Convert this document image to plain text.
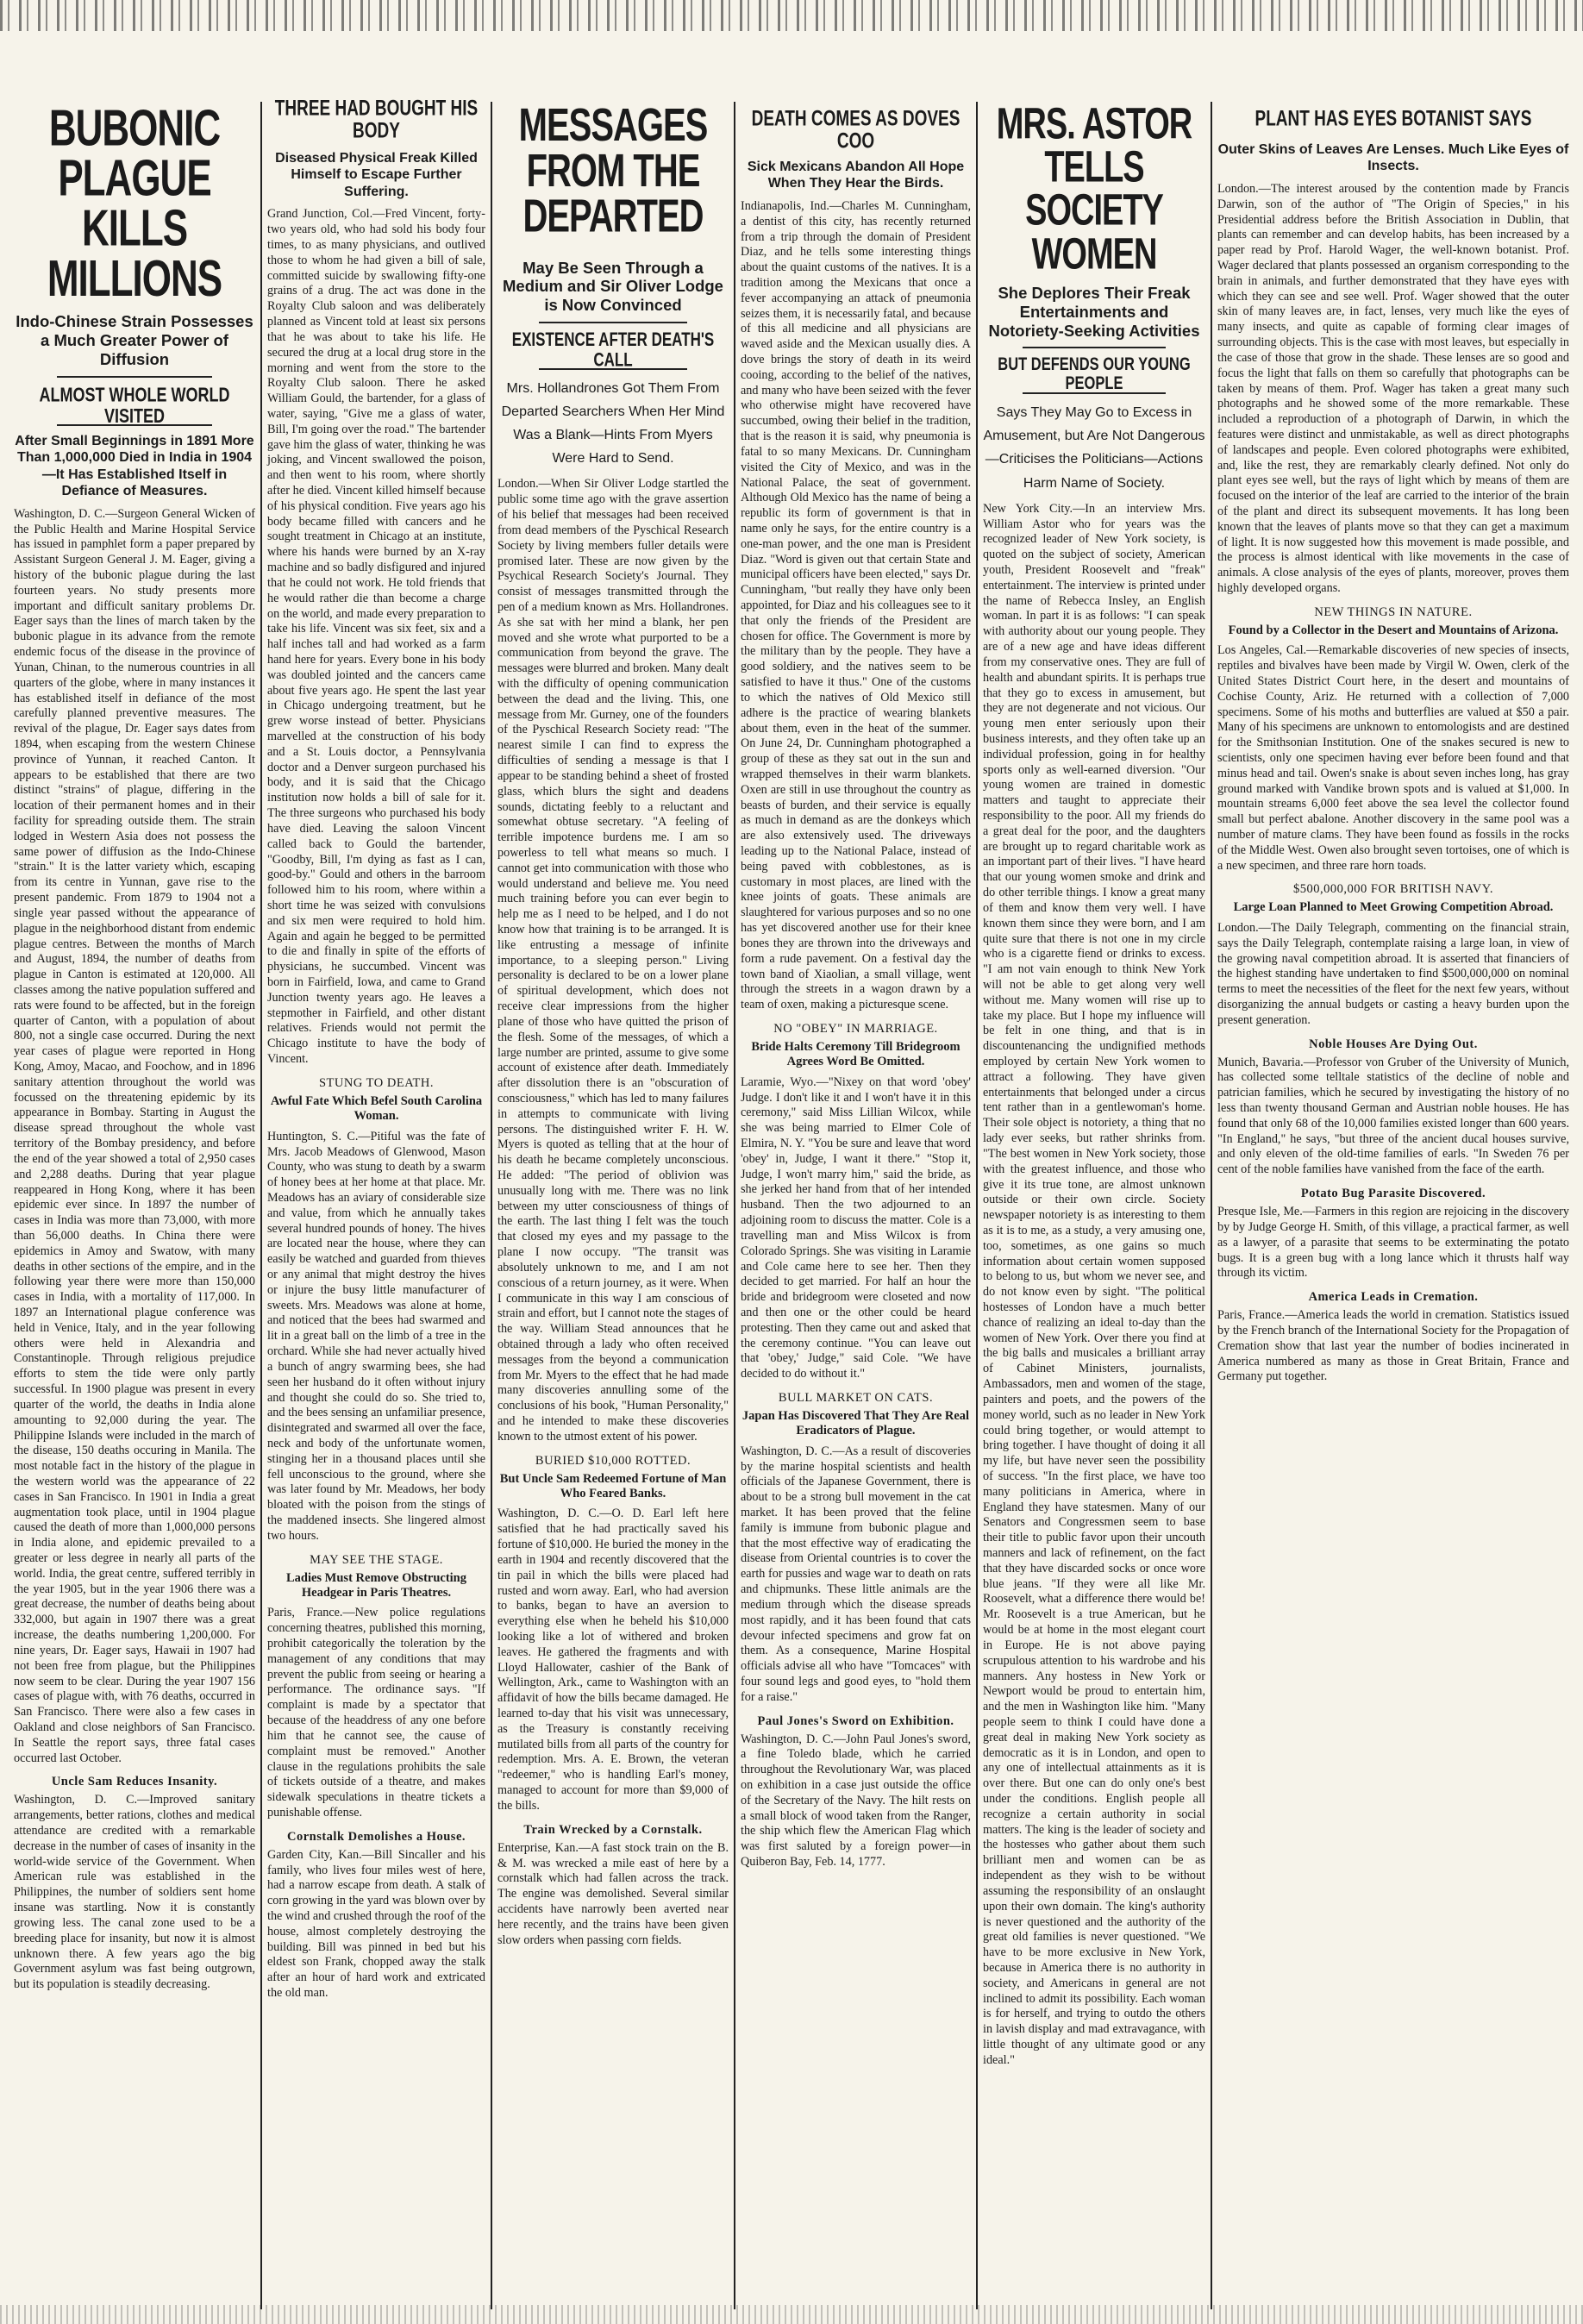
BUBONIC PLAGUE KILLS MILLIONS
Indo-Chinese Strain Possesses a Much Greater Power of Diffusion
ALMOST WHOLE WORLD VISITED
After Small Beginnings in 1891 More Than 1,000,000 Died in India in 1904—It Has Established Itself in Defiance of Measures.
Washington, D. C.—Surgeon General Wicken of the Public Health and Marine Hospital Service has issued in pamphlet form a paper prepared by Assistant Surgeon General J. M. Eager, giving a history of the bubonic plague during the last fourteen years. No study presents more important and difficult sanitary problems Dr. Eager says than the lines of march taken by the bubonic plague in its advance from the remote endemic focus of the disease in the province of Yunan, Chinan, to the numerous countries in all quarters of the globe, where in many instances it has established itself in defiance of the most carefully planned preventive measures. The revival of the plague, Dr. Eager says dates from 1894, when escaping from the western Chinese province of Yunnan, it reached Canton. It appears to be established that there are two distinct "strains" of plague, differing in the location of their permanent homes and in their facility for spreading outside them. The strain lodged in Western Asia does not possess the same power of diffusion as the Indo-Chinese "strain." It is the latter variety which, escaping from its centre in Yunnan, gave rise to the present pandemic. From 1879 to 1904 not a single year passed without the appearance of plague in the neighborhood distant from endemic plague centres. Between the months of March and August, 1894, the number of deaths from plague in Canton is estimated at 120,000. All classes among the native population suffered and rats were found to be affected, but in the foreign quarter of Canton, with a population of about 800, not a single case occurred. During the next year cases of plague were reported in Hong Kong, Amoy, Macao, and Foochow, and in 1896 sanitary attention throughout the world was focussed on the threatening epidemic by its appearance in Bombay. Starting in August the disease spread throughout the whole vast territory of the Bombay presidency, and before the end of the year showed a total of 2,950 cases and 2,288 deaths. During that year plague reappeared in Hong Kong, where it has been epidemic ever since. In 1897 the number of cases in India was more than 73,000, with more than 56,000 deaths. In China there were epidemics in Amoy and Swatow, with many deaths in other sections of the empire, and in the following year there were more than 150,000 cases in India, with a mortality of 117,000. In 1897 an International plague conference was held in Venice, Italy, and in the year following others were held in Alexandria and Constantinople. Through religious prejudice efforts to stem the tide were only partly successful. In 1900 plague was present in every quarter of the world, the deaths in India alone amounting to 92,000 during the year. The Philippine Islands were included in the march of the disease, 150 deaths occuring in Manila. The most notable fact in the history of the plague in the western world was the appearance of 22 cases in San Francisco. In 1901 in India a great augmentation took place, until in 1904 plague caused the death of more than 1,000,000 persons in India alone, and epidemic prevailed to a greater or less degree in nearly all parts of the world. India, the great centre, suffered terribly in the year 1905, but in the year 1906 there was a great decrease, the number of deaths being about 332,000, but again in 1907 there was a great increase, the deaths numbering 1,200,000. For nine years, Dr. Eager says, Hawaii in 1907 had not been free from plague, but the Philippines now seem to be clear. During the year 1907 156 cases of plague with, with 76 deaths, occurred in San Francisco. There were also a few cases in Oakland and close neighbors of San Francisco. In Seattle the report says, three fatal cases occurred last October.
Uncle Sam Reduces Insanity.
Washington, D. C.—Improved sanitary arrangements, better rations, clothes and medical attendance are credited with a remarkable decrease in the number of cases of insanity in the world-wide service of the Government. When American rule was established in the Philippines, the number of soldiers sent home insane was startling. Now it is constantly growing less. The canal zone used to be a breeding place for insanity, but now it is almost unknown there. A few years ago the big Government asylum was fast being outgrown, but its population is steadily decreasing.
THREE HAD BOUGHT HIS BODY
Diseased Physical Freak Killed Himself to Escape Further Suffering.
Grand Junction, Col.—Fred Vincent, forty-two years old, who had sold his body four times, to as many physicians, and outlived those to whom he had given a bill of sale, committed suicide by swallowing fifty-one grains of a drug. The act was done in the Royalty Club saloon and was deliberately planned as Vincent told at least six persons that he was about to take his life. He secured the drug at a local drug store in the morning and went from the store to the Royalty Club saloon. There he asked William Gould, the bartender, for a glass of water, saying, "Give me a glass of water, Bill, I'm going over the road." The bartender gave him the glass of water, thinking he was joking, and Vincent swallowed the poison, and then went to his room, where shortly after he died. Vincent killed himself because of his physical condition. Five years ago his body became filled with cancers and he sought treatment in Chicago at an institute, where his hands were burned by an X-ray machine and so badly disfigured and injured that he could not work. He told friends that he would rather die than become a charge on the world, and made every preparation to take his life. Vincent was six feet, six and a half inches tall and had worked as a farm hand here for years. Every bone in his body was doubled jointed and the cancers came about five years ago. He spent the last year in Chicago undergoing treatment, but he grew worse instead of better. Physicians marvelled at the construction of his body and a St. Louis doctor, a Pennsylvania doctor and a Denver surgeon purchased his body, and it is said that the Chicago institution now holds a bill of sale for it. The three surgeons who purchased his body have died. Leaving the saloon Vincent called back to Gould the bartender, "Goodby, Bill, I'm dying as fast as I can, good-by." Gould and others in the barroom followed him to his room, where within a short time he was seized with convulsions and six men were required to hold him. Again and again he begged to be permitted to die and finally in spite of the efforts of physicians, he succumbed. Vincent was born in Fairfield, Iowa, and came to Grand Junction twenty years ago. He leaves a stepmother in Fairfield, and other distant relatives. Friends would not permit the Chicago institute to have the body of Vincent.
STUNG TO DEATH.
Awful Fate Which Befel South Carolina Woman.
Huntington, S. C.—Pitiful was the fate of Mrs. Jacob Meadows of Glenwood, Mason County, who was stung to death by a swarm of honey bees at her home at that place. Mr. Meadows has an aviary of considerable size and value, from which he annually takes several hundred pounds of honey. The hives are located near the house, where they can easily be watched and guarded from thieves or any animal that might destroy the hives or injure the busy little manufacturer of sweets. Mrs. Meadows was alone at home, and noticed that the bees had swarmed and lit in a great ball on the limb of a tree in the orchard. While she had never actually hived a bunch of angry swarming bees, she had seen her husband do it often without injury and thought she could do so. She tried to, and the bees sensing an unfamiliar presence, disintegrated and swarmed all over the face, neck and body of the unfortunate women, stinging her in a thousand places until she fell unconscious to the ground, where she was later found by Mr. Meadows, her body bloated with the poison from the stings of the maddened insects. She lingered almost two hours.
MAY SEE THE STAGE.
Ladies Must Remove Obstructing Headgear in Paris Theatres.
Paris, France.—New police regulations concerning theatres, published this morning, prohibit categorically the toleration by the management of any conditions that may prevent the public from seeing or hearing a performance. The ordinance says. "If complaint is made by a spectator that because of the headdress of any one before him that he cannot see, the cause of complaint must be removed." Another clause in the regulations prohibits the sale of tickets outside of a theatre, and makes sidewalk speculations in theatre tickets a punishable offense.
Cornstalk Demolishes a House.
Garden City, Kan.—Bill Sincaller and his family, who lives four miles west of here, had a narrow escape from death. A stalk of corn growing in the yard was blown over by the wind and crushed through the roof of the house, almost completely destroying the building. Bill was pinned in bed but his eldest son Frank, chopped away the stalk after an hour of hard work and extricated the old man.
MESSAGES FROM THE DEPARTED
May Be Seen Through a Medium and Sir Oliver Lodge is Now Convinced
EXISTENCE AFTER DEATH'S CALL
Mrs. Hollandrones Got Them From Departed Searchers When Her Mind Was a Blank—Hints From Myers Were Hard to Send.
London.—When Sir Oliver Lodge startled the public some time ago with the grave assertion of his belief that messages had been received from dead members of the Pyschical Research Society by living members fuller details were promised later. These are now given by the Psychical Research Society's Journal. They consist of messages transmitted through the pen of a medium known as Mrs. Hollandrones. As she sat with her mind a blank, her pen moved and she wrote what purported to be a communication from beyond the grave. The messages were blurred and broken. Many dealt with the difficulty of opening communication between the dead and the living. This, one message from Mr. Gurney, one of the founders of the Pyschical Research Society read: "The nearest simile I can find to express the difficulties of sending a message is that I appear to be standing behind a sheet of frosted glass, which blurs the sight and deadens sounds, dictating feebly to a reluctant and somewhat obtuse secretary. "A feeling of terrible impotence burdens me. I am so powerless to tell what means so much. I cannot get into communication with those who would understand and believe me. You need much training before you can ever begin to help me as I need to be helped, and I do not know how that training is to be arranged. It is like entrusting a message of infinite importance, to a sleeping person." Living personality is declared to be on a lower plane of spiritual development, which does not receive clear impressions from the higher plane of those who have quitted the prison of the flesh. Some of the messages, of which a large number are printed, assume to give some account of existence after death. Immediately after dissolution there is an "obscuration of consciousness," which has led to many failures in attempts to communicate with living persons. The distinguished writer F. H. W. Myers is quoted as telling that at the hour of his death he became completely unconscious. He added: "The period of oblivion was unusually long with me. There was no link between my utter consciousness of things of the earth. The last thing I felt was the touch that closed my eyes and my passage to the plane I now occupy. "The transit was absolutely unknown to me, and I am not conscious of a return journey, as it were. When I communicate in this way I am conscious of strain and effort, but I cannot note the stages of the way. William Stead announces that he obtained through a lady who often received messages from the beyond a communication from Mr. Myers to the effect that he had made many discoveries annulling some of the conclusions of his book, "Human Personality," and he intended to make these discoveries known to the utmost extent of his power.
BURIED $10,000 ROTTED.
But Uncle Sam Redeemed Fortune of Man Who Feared Banks.
Washington, D. C.—O. D. Earl left here satisfied that he had practically saved his fortune of $10,000. He buried the money in the earth in 1904 and recently discovered that the tin pail in which the bills were placed had rusted and worn away. Earl, who had aversion to banks, began to have an aversion to everything else when he beheld his $10,000 looking like a lot of withered and broken leaves. He gathered the fragments and with Lloyd Hallowater, cashier of the Bank of Wellington, Ark., came to Washington with an affidavit of how the bills became damaged. He learned to-day that his visit was unnecessary, as the Treasury is constantly receiving mutilated bills from all parts of the country for redemption. Mrs. A. E. Brown, the veteran "redeemer," who is handling Earl's money, managed to account for more than $9,000 of the bills.
Train Wrecked by a Cornstalk.
Enterprise, Kan.—A fast stock train on the B. & M. was wrecked a mile east of here by a cornstalk which had fallen across the track. The engine was demolished. Several similar accidents have narrowly been averted near here recently, and the trains have been given slow orders when passing corn fields.
DEATH COMES AS DOVES COO
Sick Mexicans Abandon All Hope When They Hear the Birds.
Indianapolis, Ind.—Charles M. Cunningham, a dentist of this city, has recently returned from a trip through the domain of President Diaz, and he tells some interesting things about the quaint customs of the natives. It is a tradition among the Mexicans that once a fever accompanying an attack of pneumonia seizes them, it is necessarily fatal, and because of this all medicine and all physicians are waved aside and the Mexican usually dies. A dove brings the story of death in its weird cooing, according to the belief of the natives, and many who have been seized with the fever who otherwise might have recovered have succumbed, owing their belief in the tradition, that is the reason it is said, why pneumonia is fatal to so many Mexicans. Dr. Cunningham visited the City of Mexico, and was in the National Palace, the seat of government. Although Old Mexico has the name of being a republic its form of government is that in name only he says, for the entire country is a one-man power, and the one man is President Diaz. "Word is given out that certain State and municipal officers have been elected," says Dr. Cunningham, "but really they have only been appointed, for Diaz and his colleagues see to it that only the friends of the President are chosen for office. The Government is more by the military than by the people. They have a good soldiery, and the natives seem to be satisfied to have it thus." One of the customs to which the natives of Old Mexico still adhere is the practice of wearing blankets about them, even in the heat of the summer. On June 24, Dr. Cunningham photographed a group of these as they sat out in the sun and wrapped themselves in their warm blankets. Oxen are still in use throughout the country as beasts of burden, and their service is equally as much in demand as are the donkeys which are also extensively used. The driveways leading up to the National Palace, instead of being paved with cobblestones, as is customary in most places, are lined with the knee joints of goats. These animals are slaughtered for various purposes and so no one has yet discovered another use for their knee bones they are thrown into the driveways and form a rude pavement. On a festival day the town band of Xiaolian, a small village, went through the streets in a wagon drawn by a team of oxen, making a picturesque scene.
NO "OBEY" IN MARRIAGE.
Bride Halts Ceremony Till Bridegroom Agrees Word Be Omitted.
Laramie, Wyo.—"Nixey on that word 'obey' Judge. I don't like it and I won't have it in this ceremony," said Miss Lillian Wilcox, while she was being married to Elmer Cole of Elmira, N. Y. "You be sure and leave that word 'obey' in, Judge, I want it there." "Stop it, Judge, I won't marry him," said the bride, as she jerked her hand from that of her intended husband. Then the two adjourned to an adjoining room to discuss the matter. Cole is a travelling man and Miss Wilcox is from Colorado Springs. She was visiting in Laramie and Cole came here to see her. Then they decided to get married. For half an hour the bride and bridegroom were closeted and now and then one or the other could be heard protesting. Then they came out and asked that the ceremony continue. "You can leave out that 'obey,' Judge," said Cole. "We have decided to do without it."
BULL MARKET ON CATS.
Japan Has Discovered That They Are Real Eradicators of Plague.
Washington, D. C.—As a result of discoveries by the marine hospital scientists and health officials of the Japanese Government, there is about to be a strong bull movement in the cat market. It has been proved that the feline family is immune from bubonic plague and that the most effective way of eradicating the disease from Oriental countries is to cover the earth for pussies and wage war to death on rats and chipmunks. These little animals are the medium through which the disease spreads most rapidly, and it has been found that cats devour infected specimens and grow fat on them. As a consequence, Marine Hospital officials advise all who have "Tomcaces" with four sound legs and good eyes, to "hold them for a raise."
Paul Jones's Sword on Exhibition.
Washington, D. C.—John Paul Jones's sword, a fine Toledo blade, which he carried throughout the Revolutionary War, was placed on exhibition in a case just outside the office of the Secretary of the Navy. The hilt rests on a small block of wood taken from the Ranger, the ship which flew the American Flag which was first saluted by a foreign power—in Quiberon Bay, Feb. 14, 1777.
MRS. ASTOR TELLS SOCIETY WOMEN
She Deplores Their Freak Entertainments and Notoriety-Seeking Activities
BUT DEFENDS OUR YOUNG PEOPLE
Says They May Go to Excess in Amusement, but Are Not Dangerous—Criticises the Politicians—Actions Harm Name of Society.
New York City.—In an interview Mrs. William Astor who for years was the recognized leader of New York society, is quoted on the subject of society, American youth, President Roosevelt and "freak" entertainment. The interview is printed under the name of Rebecca Insley, an English woman. In part it is as follows: "I can speak with authority about our young people. They are of a new age and have ideas different from my conservative ones. They are full of health and abundant spirits. It is perhaps true that they go to excess in amusement, but they are not degenerate and not vicious. Our young men enter seriously upon their business interests, and they often take up an individual profession, going in for healthy sports only as well-earned diversion. "Our young women are trained in domestic matters and taught to appreciate their responsibility to the poor. All my friends do a great deal for the poor, and the daughters are brought up to regard charitable work as an important part of their lives. "I have heard that our young women smoke and drink and do other terrible things. I know a great many of them and know them very well. I have known them since they were born, and I am quite sure that there is not one in my circle who is a cigarette fiend or drinks to excess. "I am not vain enough to think New York will not be able to get along very well without me. Many women will rise up to take my place. But I hope my influence will be felt in one thing, and that is in discountenancing the undignified methods employed by certain New York women to attract a following. They have given entertainments that belonged under a circus tent rather than in a gentlewoman's home. Their sole object is notoriety, a thing that no lady ever seeks, but rather shrinks from. "The best women in New York society, those with the greatest influence, and those who give it its true tone, are almost unknown outside or their own circle. Society newspaper notoriety is as interesting to them as it is to me, as a study, a very amusing one, too, sometimes, as one gains so much information about certain women supposed to belong to us, but whom we never see, and do not know even by sight. "The political hostesses of London have a much better chance of realizing an ideal to-day than the women of New York. Over there you find at the big balls and musicales a brilliant array of Cabinet Ministers, journalists, Ambassadors, men and women of the stage, painters and poets, and the powers of the money world, such as no leader in New York could bring together, or would attempt to bring together. I have thought of doing it all my life, but have never seen the possibility of success. "In the first place, we have too many politicians in America, where in England they have statesmen. Many of our Senators and Congressmen seem to base their title to public favor upon their uncouth manners and lack of refinement, on the fact that they have discarded socks or once wore blue jeans. "If they were all like Mr. Roosevelt, what a difference there would be! Mr. Roosevelt is a true American, but he would be at home in the most elegant court in Europe. He is not above paying scrupulous attention to his wardrobe and his manners. Any hostess in New York or Newport would be proud to entertain him, and the men in Washington like him. "Many people seem to think I could have done a great deal in making New York society as democratic as it is in London, and open to any one of intellectual attainments as it is over there. But one can do only one's best under the conditions. English people all recognize a certain authority in social matters. The king is the leader of society and the hostesses who gather about them such brilliant men and women can be as independent as they wish to be without assuming the responsibility of an onslaught upon their own domain. The king's authority is never questioned and the authority of the great old families is never questioned. "We have to be more exclusive in New York, because in America there is no authority in society, and Americans in general are not inclined to admit its possibility. Each woman is for herself, and trying to outdo the others in lavish display and mad extravagance, with little thought of any ultimate good or any ideal."
PLANT HAS EYES BOTANIST SAYS
Outer Skins of Leaves Are Lenses. Much Like Eyes of Insects.
London.—The interest aroused by the contention made by Francis Darwin, son of the author of "The Origin of Species," in his Presidential address before the British Association in Dublin, that plants can remember and can develop habits, has been increased by a paper read by Prof. Harold Wager, the well-known botanist. Prof. Wager declared that plants possessed an organism corresponding to the brain in animals, and further demonstrated that they have eyes with which they can see and see well. Prof. Wager showed that the outer skin of many leaves are, in fact, lenses, very much like the eyes of many insects, and quite as capable of forming clear images of surrounding objects. This is the case with most leaves, but especially in the case of those that grow in the shade. These lenses are so good and focus the light that falls on them so carefully that photographs can be taken by means of them. Prof. Wager has taken a great many such photographs and he showed some of the more remarkable. These included a reproduction of a photograph of Darwin, in which the features were distinct and unmistakable, as well as direct photographs of landscapes and people. Even colored photographs were exhibited, and, like the rest, they are remarkably clearly defined. Not only do plant eyes see well, but the rays of light which by means of them are focused on the interior of the leaf are carried to the interior of the brain of the plant and direct its subsequent movements. It has long been known that the leaves of plants move so that they can get a maximum of light. It is now suggested how this movement is made possible, and the process is almost identical with like movements in the case of animals. A close analysis of the eyes of plants, moreover, proves them highly developed organs.
NEW THINGS IN NATURE.
Found by a Collector in the Desert and Mountains of Arizona.
Los Angeles, Cal.—Remarkable discoveries of new species of insects, reptiles and bivalves have been made by Virgil W. Owen, clerk of the United States District Court here, in the desert and mountains of Cochise County, Ariz. He returned with a collection of 7,000 specimens. Some of his moths and butterflies are valued at $50 a pair. Many of his specimens are unknown to entomologists and are destined for the Smithsonian Institution. One of the snakes secured is new to scientists, only one specimen having ever before been found and that minus head and tail. Owen's snake is about seven inches long, has gray ground marked with Vandike brown spots and is valued at $1,000. In mountain streams 6,000 feet above the sea level the collector found small but perfect abalone. Another discovery in the same pool was a number of mature clams. They have been found as fossils in the rocks of the Middle West. Owen also brought seven tortoises, one of which is a new specimen, and three rare horn toads.
$500,000,000 FOR BRITISH NAVY.
Large Loan Planned to Meet Growing Competition Abroad.
London.—The Daily Telegraph, commenting on the financial strain, says the Daily Telegraph, contemplate raising a large loan, in view of the growing naval competition abroad. It is asserted that financiers of the highest standing have undertaken to find $500,000,000 on nominal terms to meet the necessities of the fleet for the next few years, without disorganizing the annual budgets or casting a heavy burden upon the present generation.
Noble Houses Are Dying Out.
Munich, Bavaria.—Professor von Gruber of the University of Munich, has collected some telltale statistics of the decline of noble and patrician families, which he secured by investigating the history of no less than twenty thousand German and Austrian noble houses. He has found that only 68 of the 10,000 families existed longer than 600 years. "In England," he says, "but three of the ancient ducal houses survive, and only eleven of the old-time families of earls. "In Sweden 76 per cent of the noble families have vanished from the face of the earth.
Potato Bug Parasite Discovered.
Presque Isle, Me.—Farmers in this region are rejoicing in the discovery by by Judge George H. Smith, of this village, a practical farmer, as well as a lawyer, of a parasite that seems to be exterminating the potato bugs. It is a green bug with a long lance which it thrusts half way through its victim.
America Leads in Cremation.
Paris, France.—America leads the world in cremation. Statistics issued by the French branch of the International Society for the Propagation of Cremation show that last year the number of bodies incinerated in America numbered as many as those in Great Britain, France and Germany put together.
